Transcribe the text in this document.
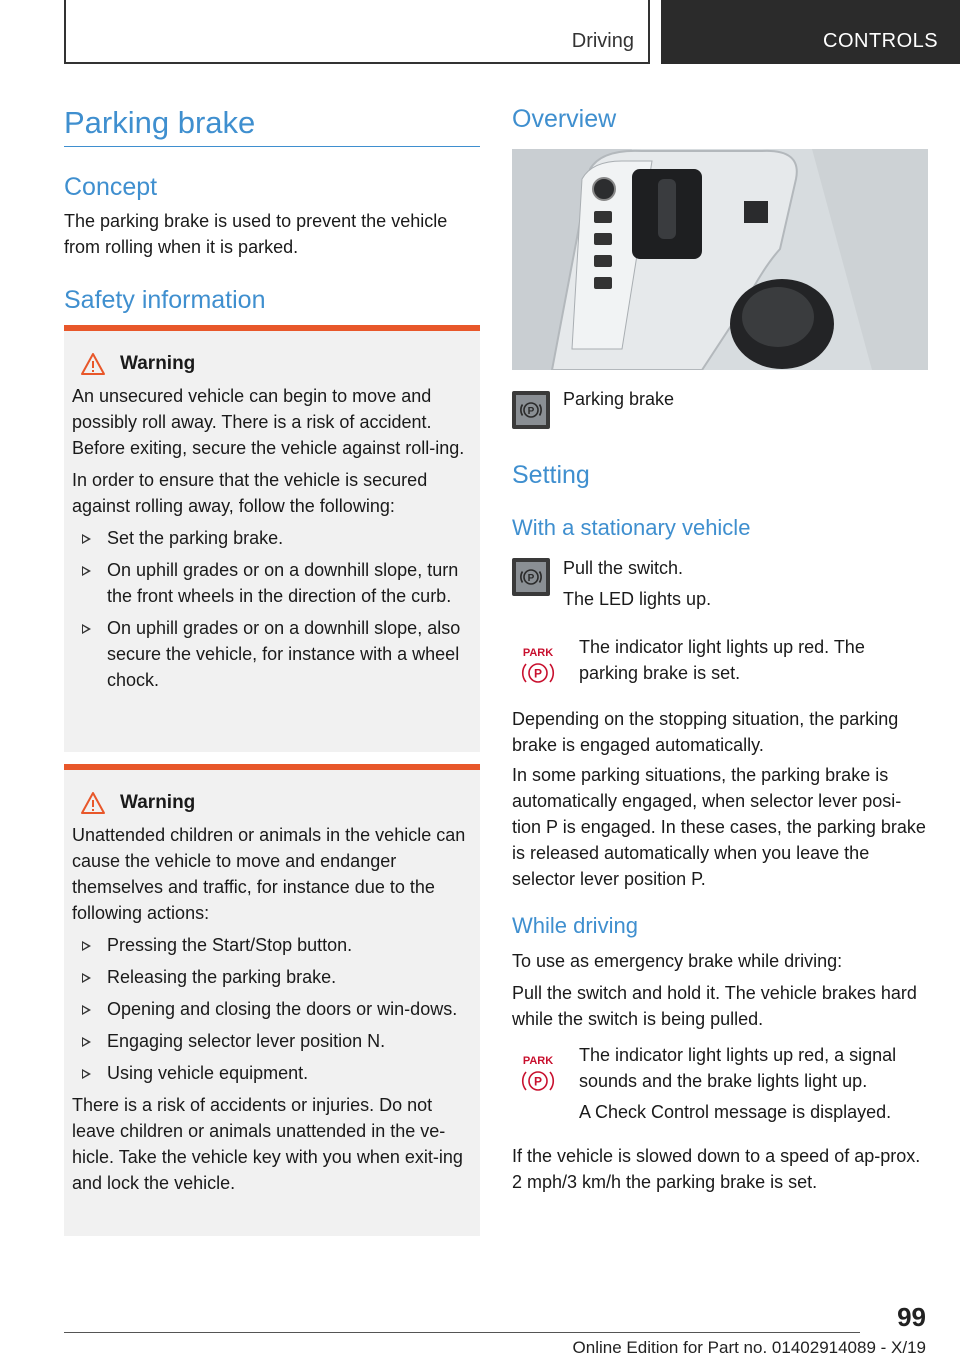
Driving	CONTROLS
Parking brake
Concept

The parking brake is used to prevent the vehicle from rolling when it is parked.

Safety information
Warning

An unsecured vehicle can begin to move and possibly roll away. There is a risk of accident. Before exiting, secure the vehicle against roll-ing.

In order to ensure that the vehicle is secured against rolling away, follow the following:

Set the parking brake.
On uphill grades or on a downhill slope, turn the front wheels in the direction of the curb.
On uphill grades or on a downhill slope, also secure the vehicle, for instance with a wheel chock.
Warning

Unattended children or animals in the vehicle can cause the vehicle to move and endanger themselves and traffic, for instance due to the following actions:

Pressing the Start/Stop button.
Releasing the parking brake.
Opening and closing the doors or win-dows.
Engaging selector lever position N.
Using vehicle equipment.

There is a risk of accidents or injuries. Do not leave children or animals unattended in the ve-hicle. Take the vehicle key with you when exit-ing and lock the vehicle.

Overview
P

Parking brake

Setting
With a stationary vehicle
P

Pull the switch.

The LED lights up.

PARK
P

The indicator light lights up red. The parking brake is set.

Depending on the stopping situation, the parking brake is engaged automatically.

In some parking situations, the parking brake is automatically engaged, when selector lever posi-tion P is engaged. In these cases, the parking brake is released automatically when you leave the selector lever position P.

While driving

To use as emergency brake while driving:

Pull the switch and hold it. The vehicle brakes hard while the switch is being pulled.

PARK
P

The indicator light lights up red, a signal sounds and the brake lights light up.

A Check Control message is displayed.

If the vehicle is slowed down to a speed of ap-prox. 2 mph/3 km/h the parking brake is set.

99
Online Edition for Part no. 01402914089 - X/19
